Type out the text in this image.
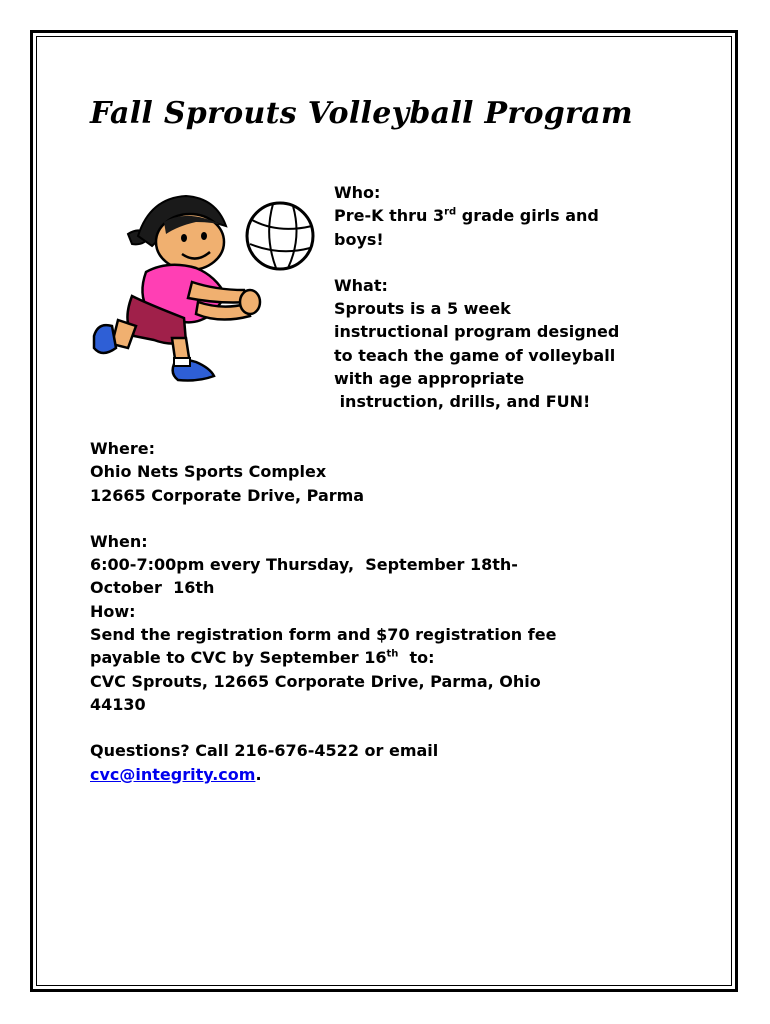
Fall Sprouts Volleyball Program
Who:
Pre-K thru 3rd grade girls and
boys!
What:
Sprouts is a 5 week
instructional program designed
to teach the game of volleyball
with age appropriate
instruction, drills, and FUN!
Where:
Ohio Nets Sports Complex
12665 Corporate Drive, Parma
When:
6:00-7:00pm every Thursday,  September 18th-
October  16th
How:
Send the registration form and $70 registration fee
payable to CVC by September 16th  to:
CVC Sprouts, 12665 Corporate Drive, Parma, Ohio
44130
Questions? Call 216-676-4522 or email
cvc@integrity.com.
